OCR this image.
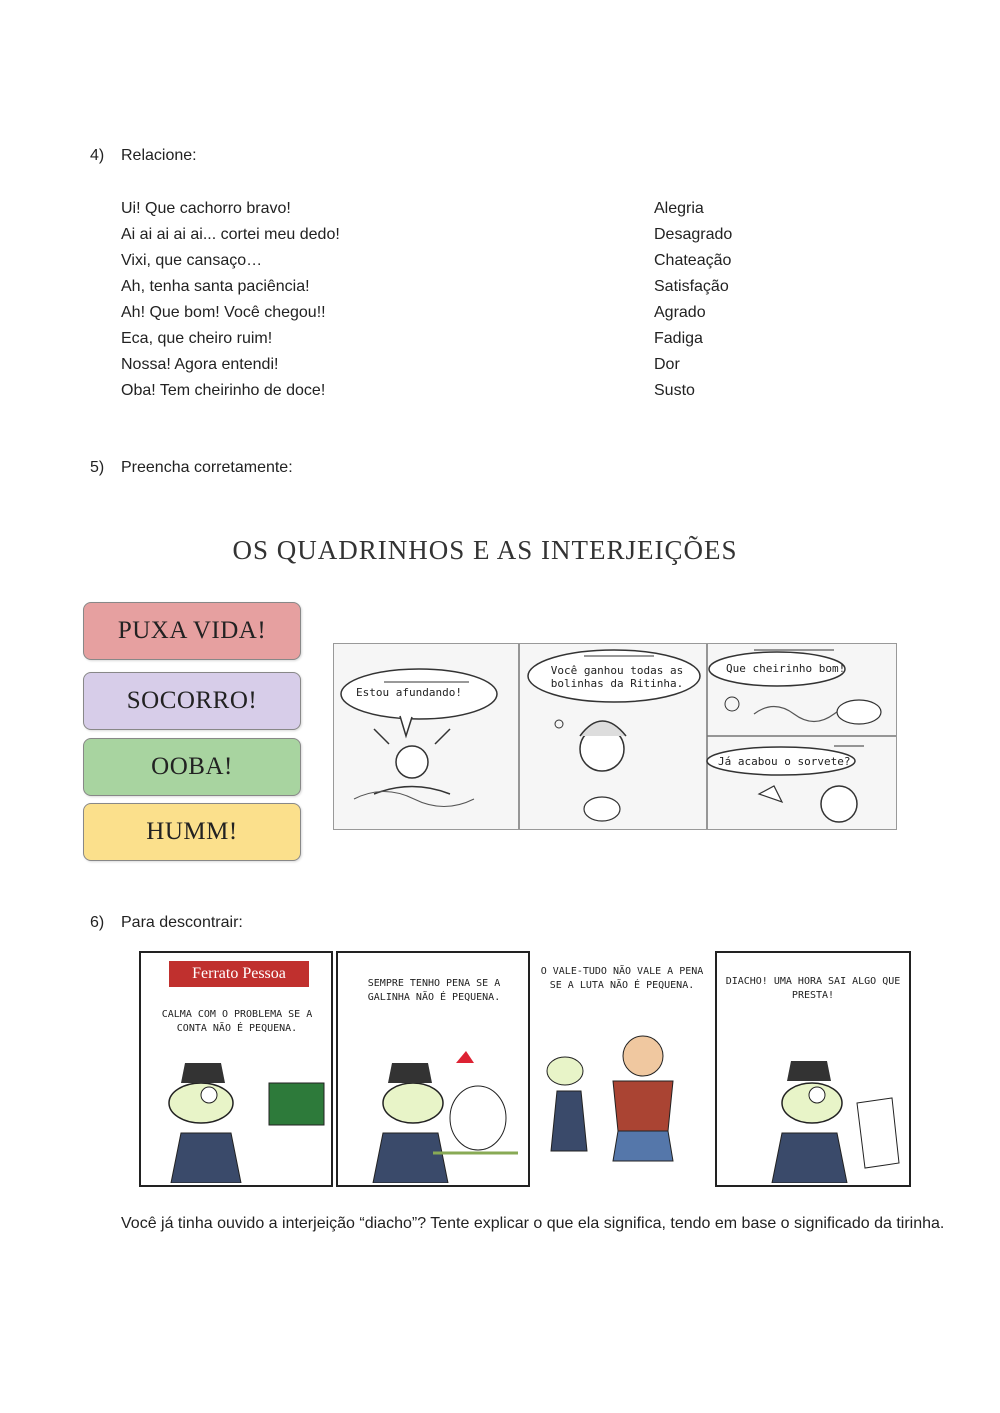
4) Relacione:
Ui! Que cachorro bravo!
Ai ai ai ai ai... cortei meu dedo!
Vixi, que cansaço…
Ah, tenha santa paciência!
Ah! Que bom! Você chegou!!
Eca, que cheiro ruim!
Nossa! Agora entendi!
Oba! Tem cheirinho de doce!
Alegria
Desagrado
Chateação
Satisfação
Agrado
Fadiga
Dor
Susto
5) Preencha corretamente:
OS QUADRINHOS E AS INTERJEIÇÕES
PUXA VIDA!
SOCORRO!
OOBA!
HUMM!
Estou afundando!
Você ganhou todas as bolinhas da Ritinha.
Que cheirinho bom!
Já acabou o sorvete?
6) Para descontrair:
Ferrato Pessoa
CALMA COM O PROBLEMA SE A CONTA NÃO É PEQUENA.
SEMPRE TENHO PENA SE A GALINHA NÃO É PEQUENA.
O VALE-TUDO NÃO VALE A PENA SE A LUTA NÃO É PEQUENA.	DIACHO! UMA HORA SAI ALGO QUE PRESTA!
Você já tinha ouvido a interjeição “diacho”? Tente explicar o que ela significa, tendo em base o significado da tirinha.
